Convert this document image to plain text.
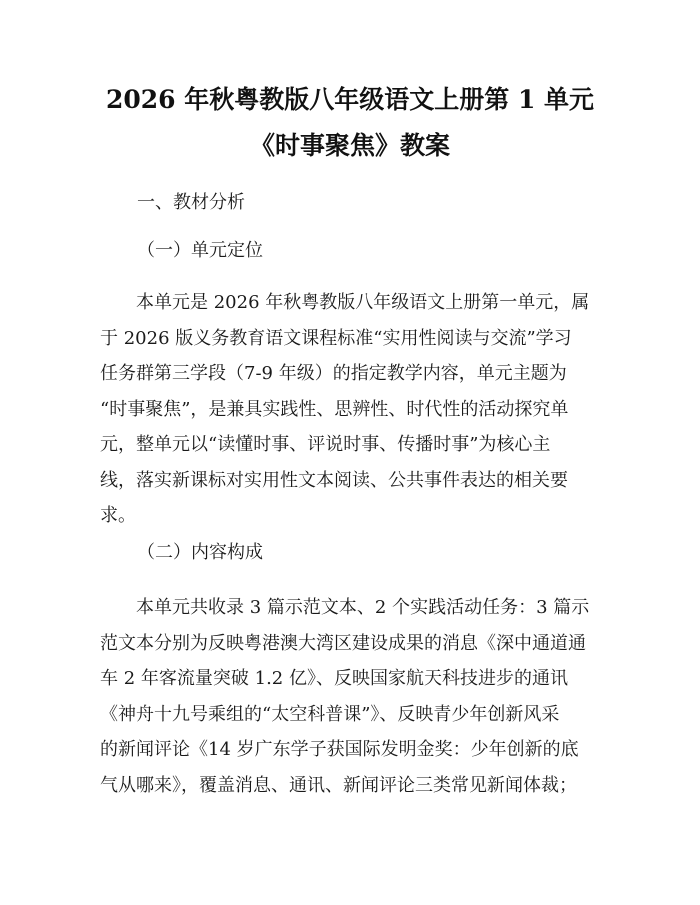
2026 年秋粤教版八年级语文上册第 1 单元
《时事聚焦》教案
一、教材分析
（一）单元定位
　　本单元是 2026 年秋粤教版八年级语文上册第一单元，属
于 2026 版义务教育语文课程标准“实用性阅读与交流”学习
任务群第三学段（7-9 年级）的指定教学内容，单元主题为
“时事聚焦”，是兼具实践性、思辨性、时代性的活动探究单
元，整单元以“读懂时事、评说时事、传播时事”为核心主
线，落实新课标对实用性文本阅读、公共事件表达的相关要
求。
（二）内容构成
　　本单元共收录 3 篇示范文本、2 个实践活动任务：3 篇示
范文本分别为反映粤港澳大湾区建设成果的消息《深中通道通
车 2 年客流量突破 1.2 亿》、反映国家航天科技进步的通讯
《神舟十九号乘组的“太空科普课”》、反映青少年创新风采
的新闻评论《14 岁广东学子获国际发明金奖：少年创新的底
气从哪来》，覆盖消息、通讯、新闻评论三类常见新闻体裁；
